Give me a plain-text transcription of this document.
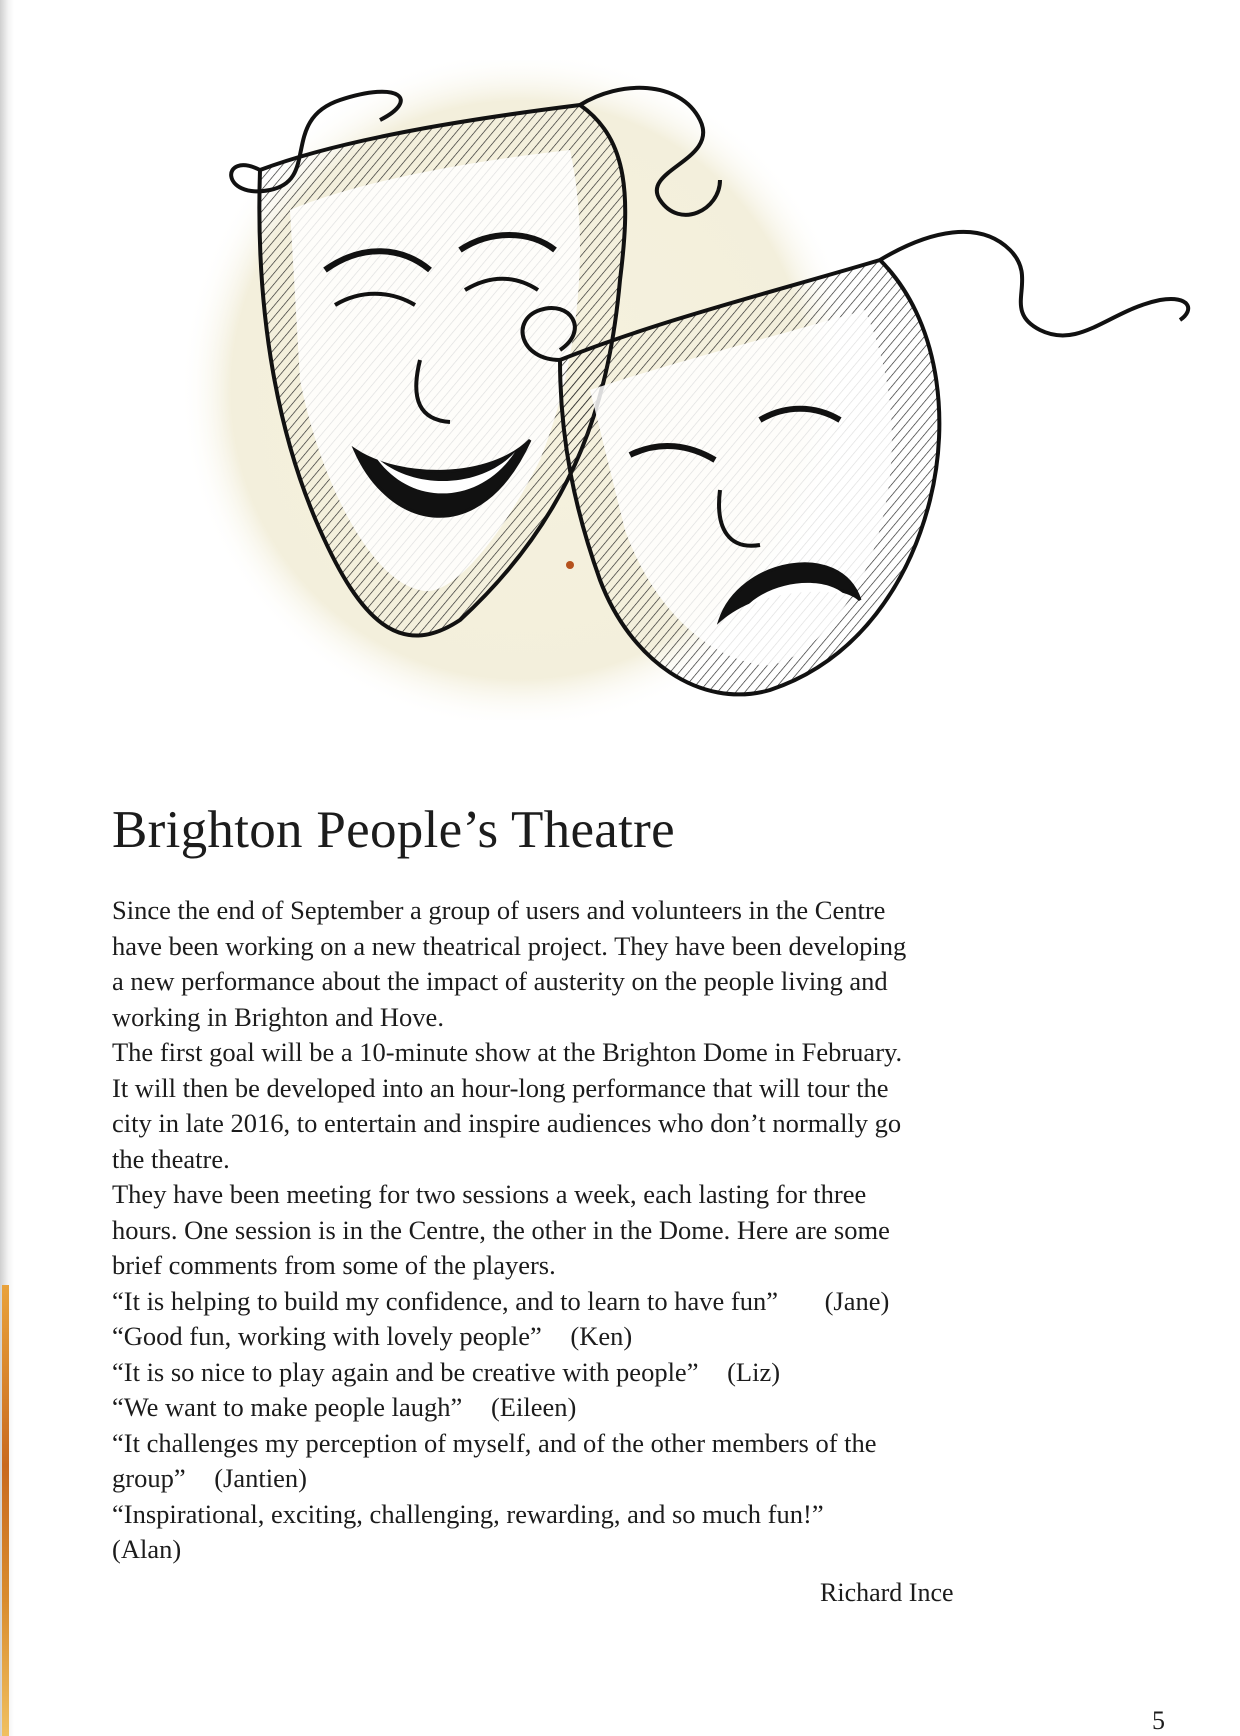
Brighton People’s Theatre
Since the end of September a group of users and volunteers in the Centre
have been working on a new theatrical project. They have been developing
a new performance about the impact of austerity on the people living and
working in Brighton and Hove.
The first goal will be a 10-minute show at the Brighton Dome in February.
It will then be developed into an hour-long performance that will tour the
city in late 2016, to entertain and inspire audiences who don’t normally go
the theatre.
They have been meeting for two sessions a week, each lasting for three
hours. One session is in the Centre, the other in the Dome. Here are some
brief comments from some of the players.
“It is helping to build my confidence, and to learn to have fun” (Jane)
“Good fun, working with lovely people” (Ken)
“It is so nice to play again and be creative with people” (Liz)
“We want to make people laugh” (Eileen)
“It challenges my perception of myself, and of the other members of the
group” (Jantien)
“Inspirational, exciting, challenging, rewarding, and so much fun!”
(Alan)
Richard Ince
5
